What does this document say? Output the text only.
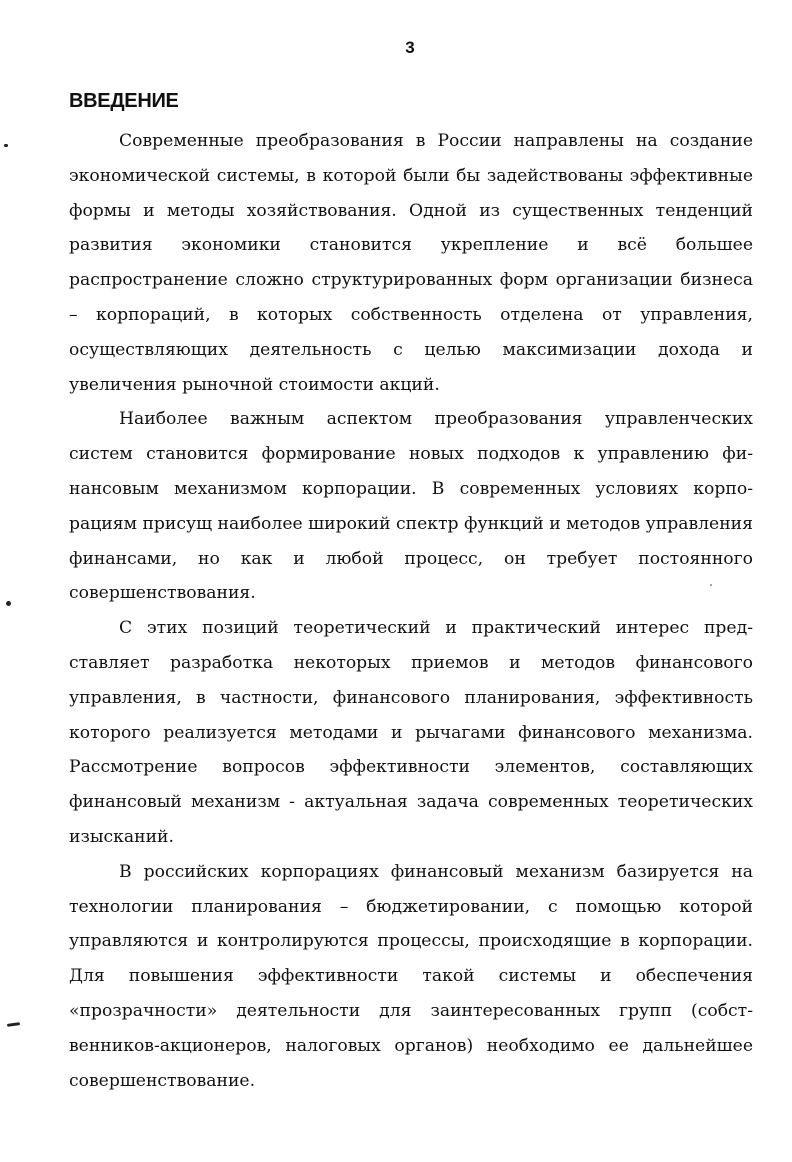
3
ВВЕДЕНИЕ

Современные преобразования в России направлены на создание экономической системы, в которой были бы задействованы эффективные формы и методы хозяйствования. Одной из существенных тенденций развития экономики становится укрепление и всё большее распространение сложно структурированных форм организации бизнеса – корпораций, в которых собственность отделена от управления, осуществляющих деятельность с целью максимизации дохода и увеличения рыночной стоимости акций.

Наиболее важным аспектом преобразования управленческих систем становится формирование новых подходов к управлению финансовым механизмом корпорации. В современных условиях корпорациям присущ наиболее широкий спектр функций и методов управления финансами, но как и любой процесс, он требует постоянного совершенствования.

С этих позиций теоретический и практический интерес представляет разработка некоторых приемов и методов финансового управления, в частности, финансового планирования, эффективность которого реализуется методами и рычагами финансового механизма. Рассмотрение вопросов эффективности элементов, составляющих финансовый механизм - актуальная задача современных теоретических изысканий.

В российских корпорациях финансовый механизм базируется на технологии планирования – бюджетировании, с помощью которой управляются и контролируются процессы, происходящие в корпорации. Для повышения эффективности такой системы и обеспечения «прозрачности» деятельности для заинтересованных групп (собственников-акционеров, налоговых органов) необходимо ее дальнейшее совершенствование.
